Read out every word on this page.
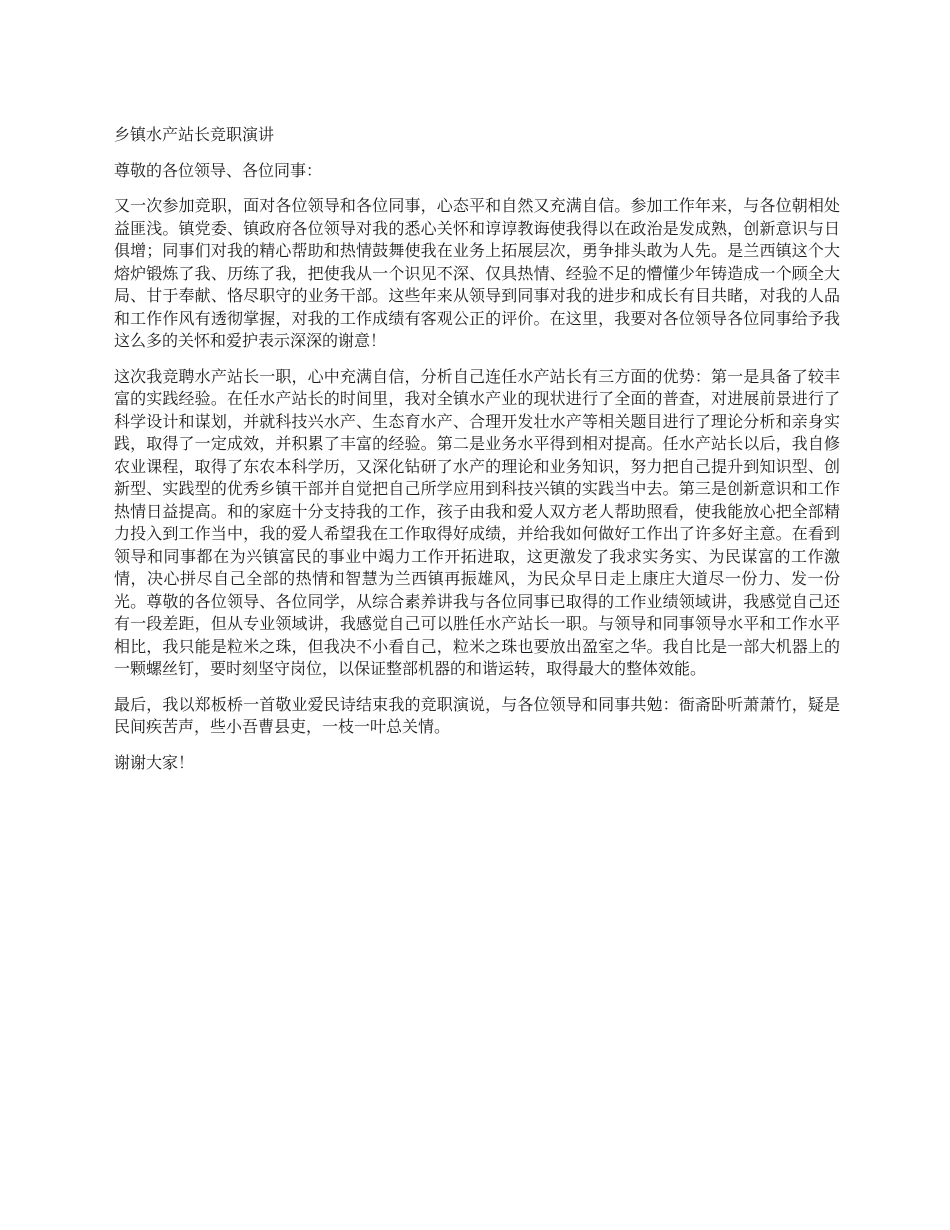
乡镇水产站长竞职演讲

尊敬的各位领导、各位同事：

又一次参加竞职，面对各位领导和各位同事，心态平和自然又充满自信。参加工作年来，与各位朝相处益匪浅。镇党委、镇政府各位领导对我的悉心关怀和谆谆教诲使我得以在政治是发成熟，创新意识与日俱增；同事们对我的精心帮助和热情鼓舞使我在业务上拓展层次，勇争排头敢为人先。是兰西镇这个大熔炉锻炼了我、历练了我，把使我从一个识见不深、仅具热情、经验不足的懵懂少年铸造成一个顾全大局、甘于奉献、恪尽职守的业务干部。这些年来从领导到同事对我的进步和成长有目共睹，对我的人品和工作作风有透彻掌握，对我的工作成绩有客观公正的评价。在这里，我要对各位领导各位同事给予我这么多的关怀和爱护表示深深的谢意！

这次我竞聘水产站长一职，心中充满自信，分析自己连任水产站长有三方面的优势：第一是具备了较丰富的实践经验。在任水产站长的时间里，我对全镇水产业的现状进行了全面的普查，对进展前景进行了科学设计和谋划，并就科技兴水产、生态育水产、合理开发壮水产等相关题目进行了理论分析和亲身实践，取得了一定成效，并积累了丰富的经验。第二是业务水平得到相对提高。任水产站长以后，我自修农业课程，取得了东农本科学历，又深化钻研了水产的理论和业务知识，努力把自己提升到知识型、创新型、实践型的优秀乡镇干部并自觉把自己所学应用到科技兴镇的实践当中去。第三是创新意识和工作热情日益提高。和的家庭十分支持我的工作，孩子由我和爱人双方老人帮助照看，使我能放心把全部精力投入到工作当中，我的爱人希望我在工作取得好成绩，并给我如何做好工作出了许多好主意。在看到领导和同事都在为兴镇富民的事业中竭力工作开拓进取，这更激发了我求实务实、为民谋富的工作激情，决心拼尽自己全部的热情和智慧为兰西镇再振雄风，为民众早日走上康庄大道尽一份力、发一份光。尊敬的各位领导、各位同学，从综合素养讲我与各位同事已取得的工作业绩领域讲，我感觉自己还有一段差距，但从专业领域讲，我感觉自己可以胜任水产站长一职。与领导和同事领导水平和工作水平相比，我只能是粒米之珠，但我决不小看自己，粒米之珠也要放出盈室之华。我自比是一部大机器上的一颗螺丝钉，要时刻坚守岗位，以保证整部机器的和谐运转，取得最大的整体效能。

最后，我以郑板桥一首敬业爱民诗结束我的竞职演说，与各位领导和同事共勉：衙斋卧听萧萧竹，疑是民间疾苦声，些小吾曹县吏，一枝一叶总关情。

谢谢大家！
